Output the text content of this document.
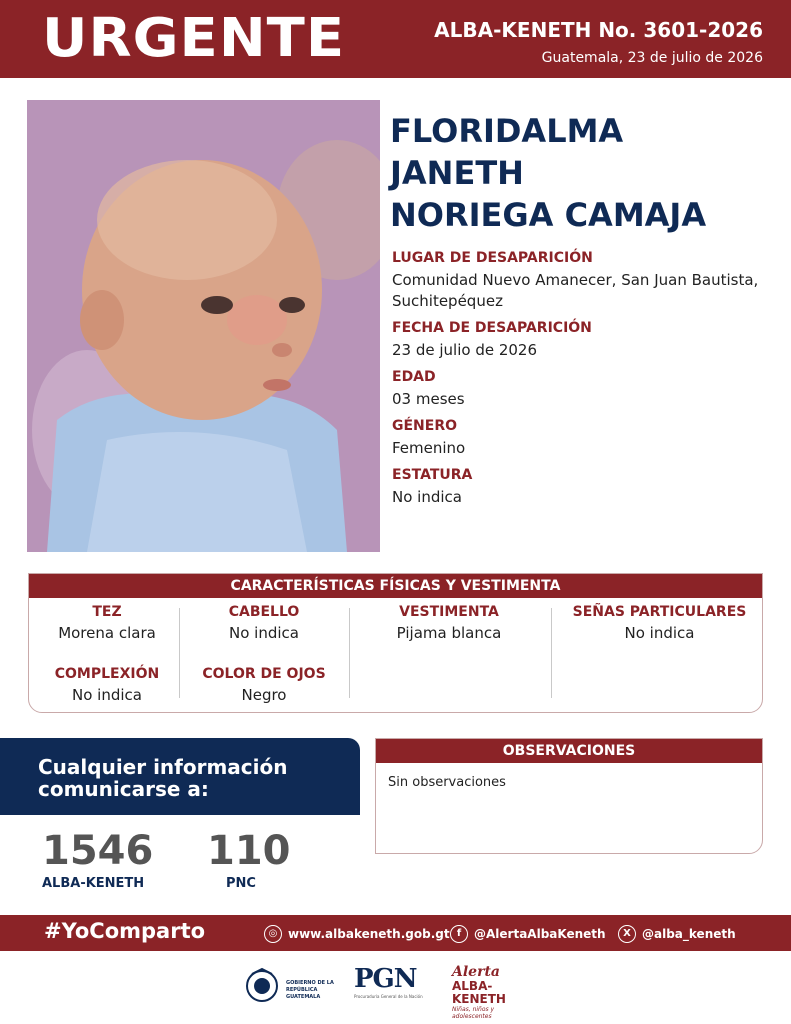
URGENTE	ALBA-KENETH No. 3601-2026
Guatemala, 23 de julio de 2026
FLORIDALMA
JANETH
NORIEGA CAMAJA
LUGAR DE DESAPARICIÓN
Comunidad Nuevo Amanecer, San Juan Bautista, Suchitepéquez
FECHA DE DESAPARICIÓN
23 de julio de 2026
EDAD
03 meses
GÉNERO
Femenino
ESTATURA
No indica
CARACTERÍSTICAS FÍSICAS Y VESTIMENTA
TEZ
Morena clara
COMPLEXIÓN
No indica
CABELLO
No indica
COLOR DE OJOS
Negro
VESTIMENTA
Pijama blanca
SEÑAS PARTICULARES
No indica
Cualquier información
comunicarse a:
1546
ALBA-KENETH
110
PNC
OBSERVACIONES
Sin observaciones
#YoComparto	◎ www.albakeneth.gob.gt f	@AlertaAlbaKeneth	X @alba_keneth
GOBIERNO DE LA REPÚBLICA
GUATEMALA
PGN
Procuraduría General de la Nación
Alerta
ALBA-KENETH
Niñas, niños y adolescentes
